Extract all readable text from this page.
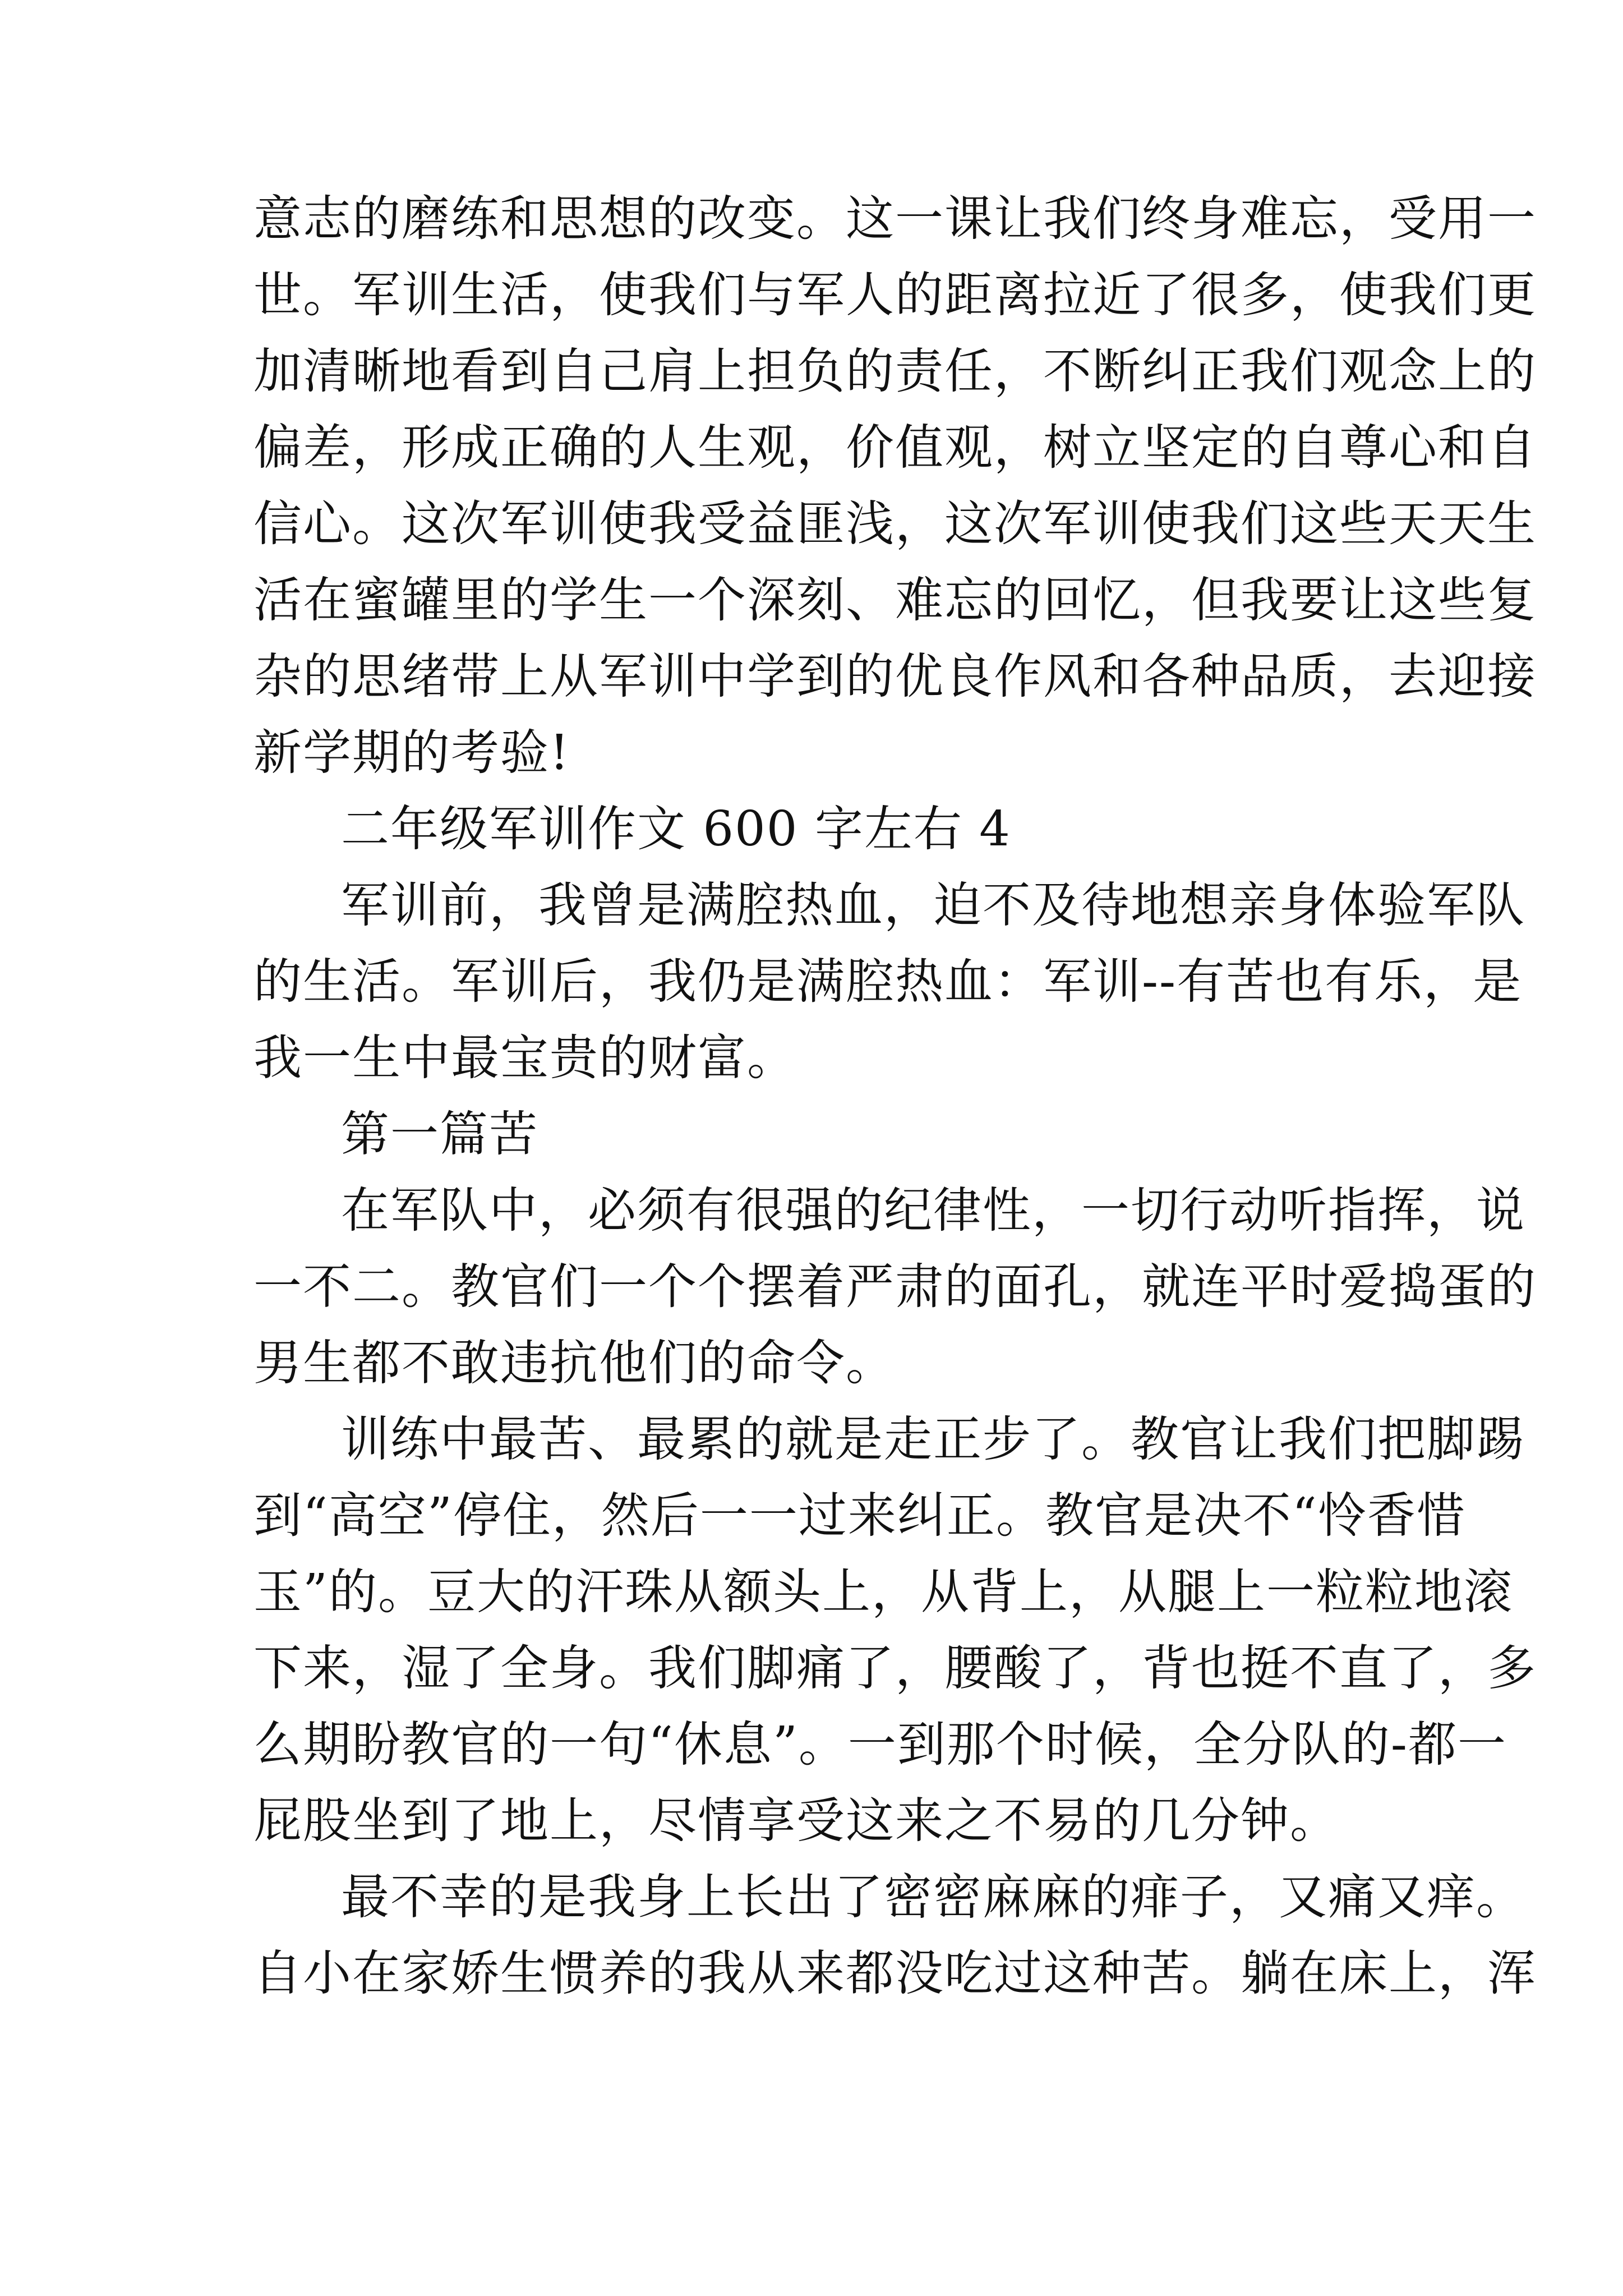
意志的磨练和思想的改变。这一课让我们终身难忘，受用一
世。军训生活，使我们与军人的距离拉近了很多，使我们更
加清晰地看到自己肩上担负的责任，不断纠正我们观念上的
偏差，形成正确的人生观，价值观，树立坚定的自尊心和自
信心。这次军训使我受益匪浅，这次军训使我们这些天天生
活在蜜罐里的学生一个深刻、难忘的回忆，但我要让这些复
杂的思绪带上从军训中学到的优良作风和各种品质，去迎接
新学期的考验!
二年级军训作文 600 字左右 4
军训前，我曾是满腔热血，迫不及待地想亲身体验军队
的生活。军训后，我仍是满腔热血：军训--有苦也有乐，是
我一生中最宝贵的财富。
第一篇苦
在军队中，必须有很强的纪律性，一切行动听指挥，说
一不二。教官们一个个摆着严肃的面孔，就连平时爱捣蛋的
男生都不敢违抗他们的命令。
训练中最苦、最累的就是走正步了。教官让我们把脚踢
到“高空”停住，然后一一过来纠正。教官是决不“怜香惜
玉”的。豆大的汗珠从额头上，从背上，从腿上一粒粒地滚
下来，湿了全身。我们脚痛了，腰酸了，背也挺不直了，多
么期盼教官的一句“休息”。一到那个时候，全分队的-都一
屁股坐到了地上，尽情享受这来之不易的几分钟。
最不幸的是我身上长出了密密麻麻的痱子，又痛又痒。
自小在家娇生惯养的我从来都没吃过这种苦。躺在床上，浑
